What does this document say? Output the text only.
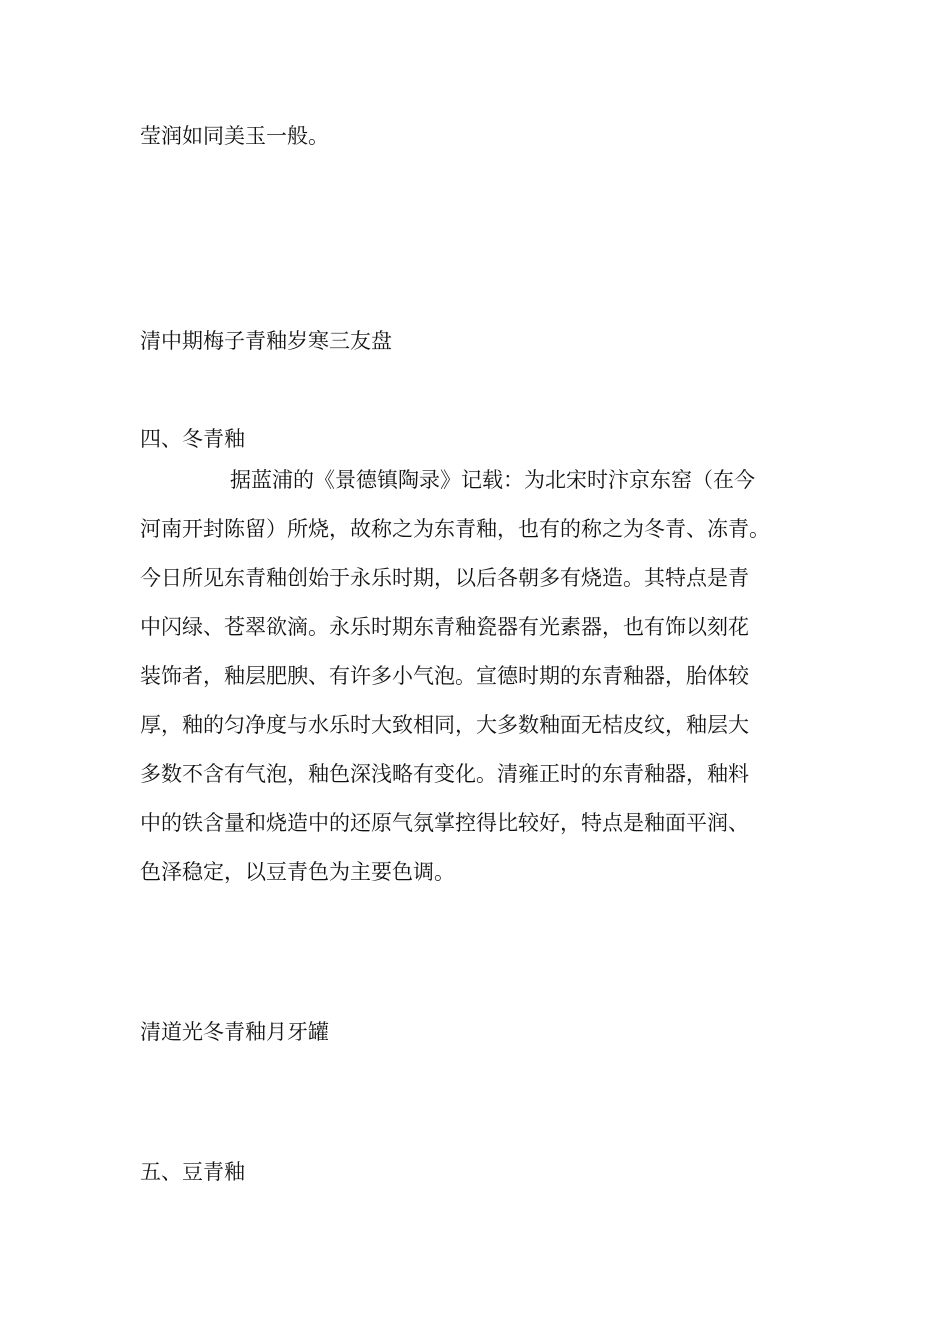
莹润如同美玉一般。
清中期梅子青釉岁寒三友盘
四、冬青釉
据蓝浦的《景德镇陶录》记载：为北宋时汴京东窑（在今
河南开封陈留）所烧，故称之为东青釉，也有的称之为冬青、冻青。
今日所见东青釉创始于永乐时期，以后各朝多有烧造。其特点是青
中闪绿、苍翠欲滴。永乐时期东青釉瓷器有光素器，也有饰以刻花
装饰者，釉层肥腴、有许多小气泡。宣德时期的东青釉器，胎体较
厚，釉的匀净度与水乐时大致相同，大多数釉面无桔皮纹，釉层大
多数不含有气泡，釉色深浅略有变化。清雍正时的东青釉器，釉料
中的铁含量和烧造中的还原气氛掌控得比较好，特点是釉面平润、
色泽稳定，以豆青色为主要色调。
清道光冬青釉月牙罐
五、豆青釉
